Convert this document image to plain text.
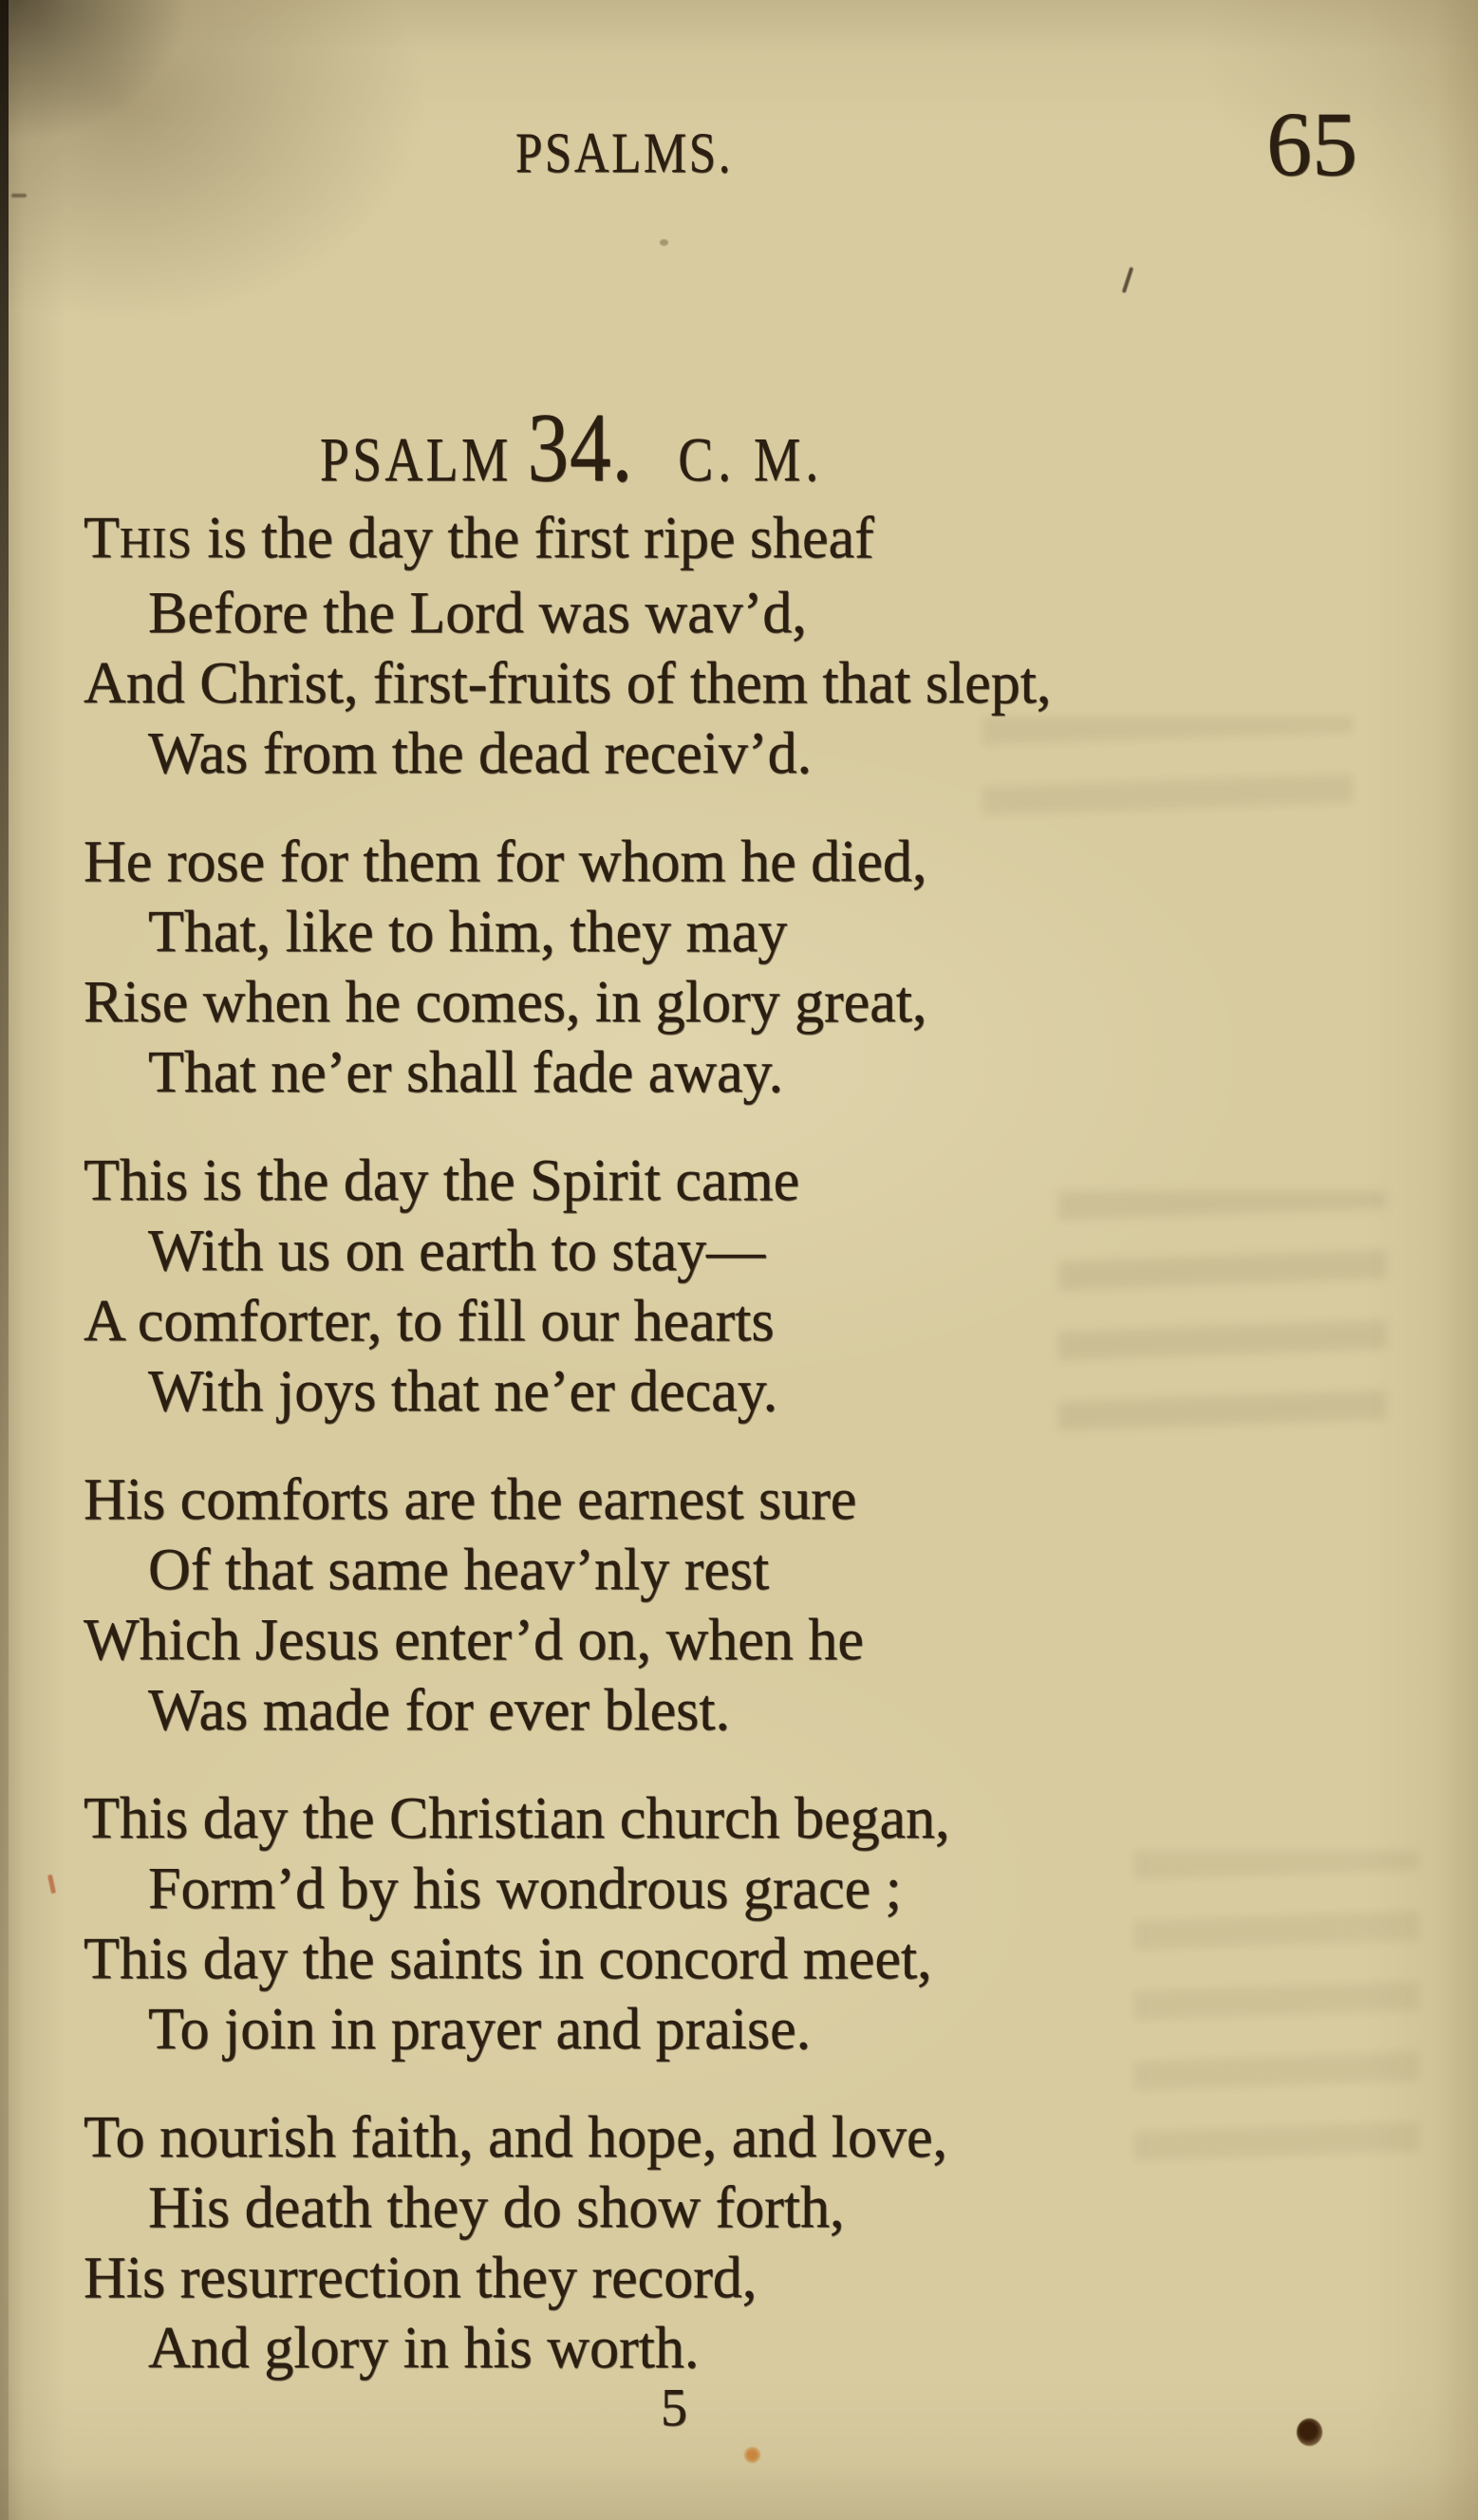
PSALMS.	65
PSALM 34. C. M.

THIS is the day the first ripe sheaf
Before the Lord was wav’d,
And Christ, first-fruits of them that slept,
Was from the dead receiv’d.

He rose for them for whom he died,
That, like to him, they may
Rise when he comes, in glory great,
That ne’er shall fade away.

This is the day the Spirit came
With us on earth to stay—
A comforter, to fill our hearts
With joys that ne’er decay.

His comforts are the earnest sure
Of that same heav’nly rest
Which Jesus enter’d on, when he
Was made for ever blest.

This day the Christian church began,
Form’d by his wondrous grace ;
This day the saints in concord meet,
To join in prayer and praise.

To nourish faith, and hope, and love,
His death they do show forth,
His resurrection they record,
And glory in his worth.

5
